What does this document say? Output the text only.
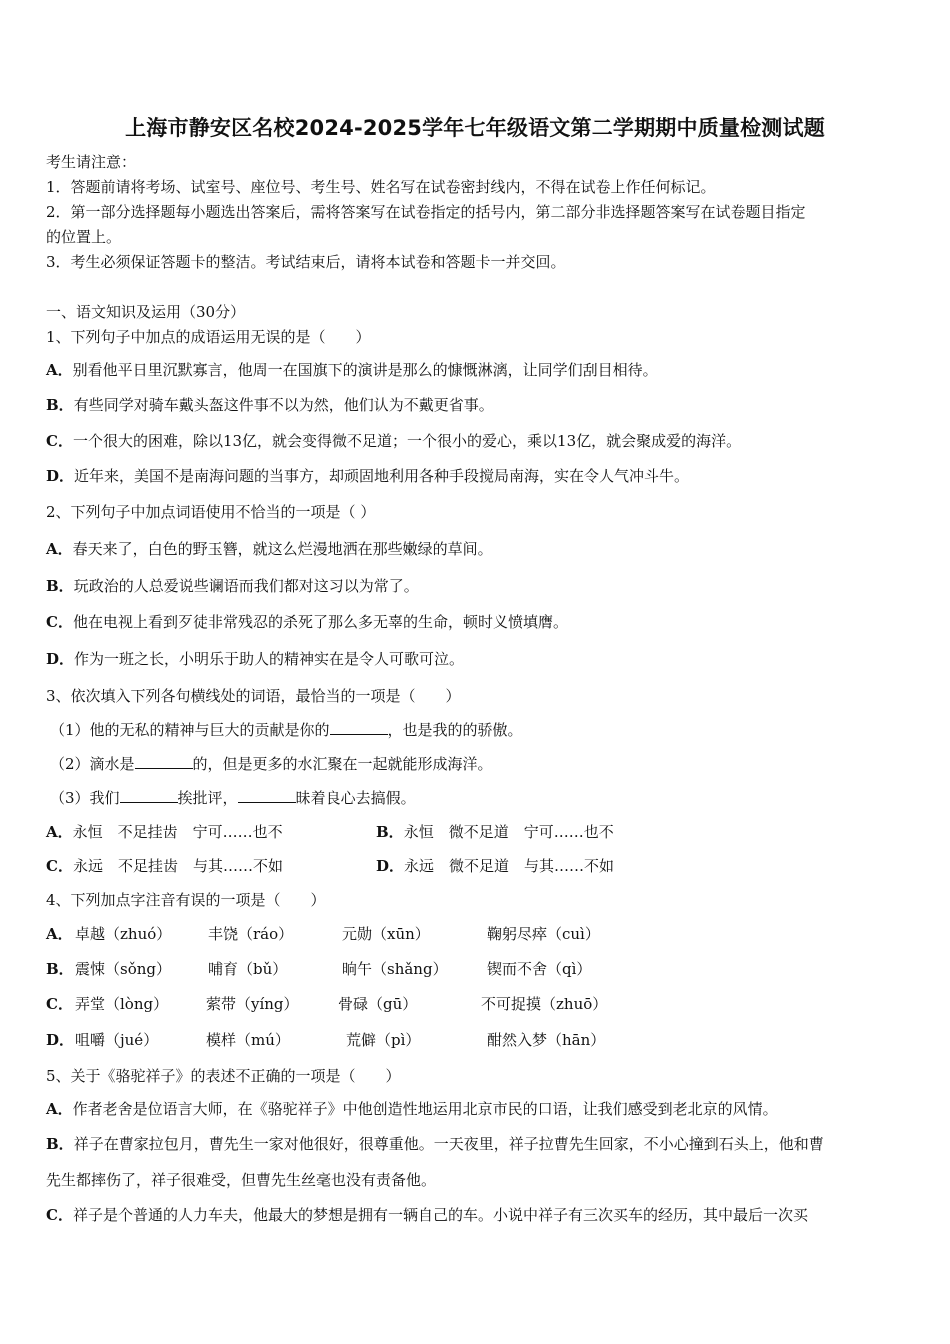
上海市静安区名校2024-2025学年七年级语文第二学期期中质量检测试题
考生请注意：
1．答题前请将考场、试室号、座位号、考生号、姓名写在试卷密封线内，不得在试卷上作任何标记。
2．第一部分选择题每小题选出答案后，需将答案写在试卷指定的括号内，第二部分非选择题答案写在试卷题目指定
的位置上。
3．考生必须保证答题卡的整洁。考试结束后，请将本试卷和答题卡一并交回。
一、语文知识及运用（30分）
1、下列句子中加点的成语运用无误的是（　　）
A．别看他平日里沉默寡言，他周一在国旗下的演讲是那么的慷慨淋漓，让同学们刮目相待。
B．有些同学对骑车戴头盔这件事不以为然，他们认为不戴更省事。
C．一个很大的困难，除以13亿，就会变得微不足道；一个很小的爱心，乘以13亿，就会聚成爱的海洋。
D．近年来，美国不是南海问题的当事方，却顽固地利用各种手段搅局南海，实在令人气冲斗牛。
2、下列句子中加点词语使用不恰当的一项是（ ）
A．春天来了，白色的野玉簪，就这么烂漫地洒在那些嫩绿的草间。
B．玩政治的人总爱说些谰语而我们都对这习以为常了。
C．他在电视上看到歹徒非常残忍的杀死了那么多无辜的生命，顿时义愤填膺。
D．作为一班之长，小明乐于助人的精神实在是令人可歌可泣。
3、依次填入下列各句横线处的词语，最恰当的一项是（　　）
（1）他的无私的精神与巨大的贡献是你的	，也是我的的骄傲。
（2）滴水是	的，但是更多的水汇聚在一起就能形成海洋。
（3）我们	挨批评，	昧着良心去搞假。
A．永恒　不足挂齿　宁可……也不	B．永恒　微不足道　宁可……也不
C．永远　不足挂齿　与其……不如	D．永远　微不足道　与其……不如
4、下列加点字注音有误的一项是（　　）
A． 卓越（zhuó） 丰饶（ráo）	元勋（xūn）	鞠躬尽瘁（cuì）
B． 震悚（sǒng） 哺育（bǔ）	晌午（shǎng）	锲而不舍（qì）
C． 弄堂（lòng）	萦带（yíng）	骨碌（gū）	不可捉摸（zhuō）
D． 咀嚼（jué）	模样（mú）	荒僻（pì）	酣然入梦（hān）
5、关于《骆驼祥子》的表述不正确的一项是（　　）
A．作者老舍是位语言大师，在《骆驼祥子》中他创造性地运用北京市民的口语，让我们感受到老北京的风情。
B．祥子在曹家拉包月，曹先生一家对他很好，很尊重他。一天夜里，祥子拉曹先生回家，不小心撞到石头上，他和曹
先生都摔伤了，祥子很难受，但曹先生丝毫也没有责备他。
C．祥子是个普通的人力车夫，他最大的梦想是拥有一辆自己的车。小说中祥子有三次买车的经历，其中最后一次买
